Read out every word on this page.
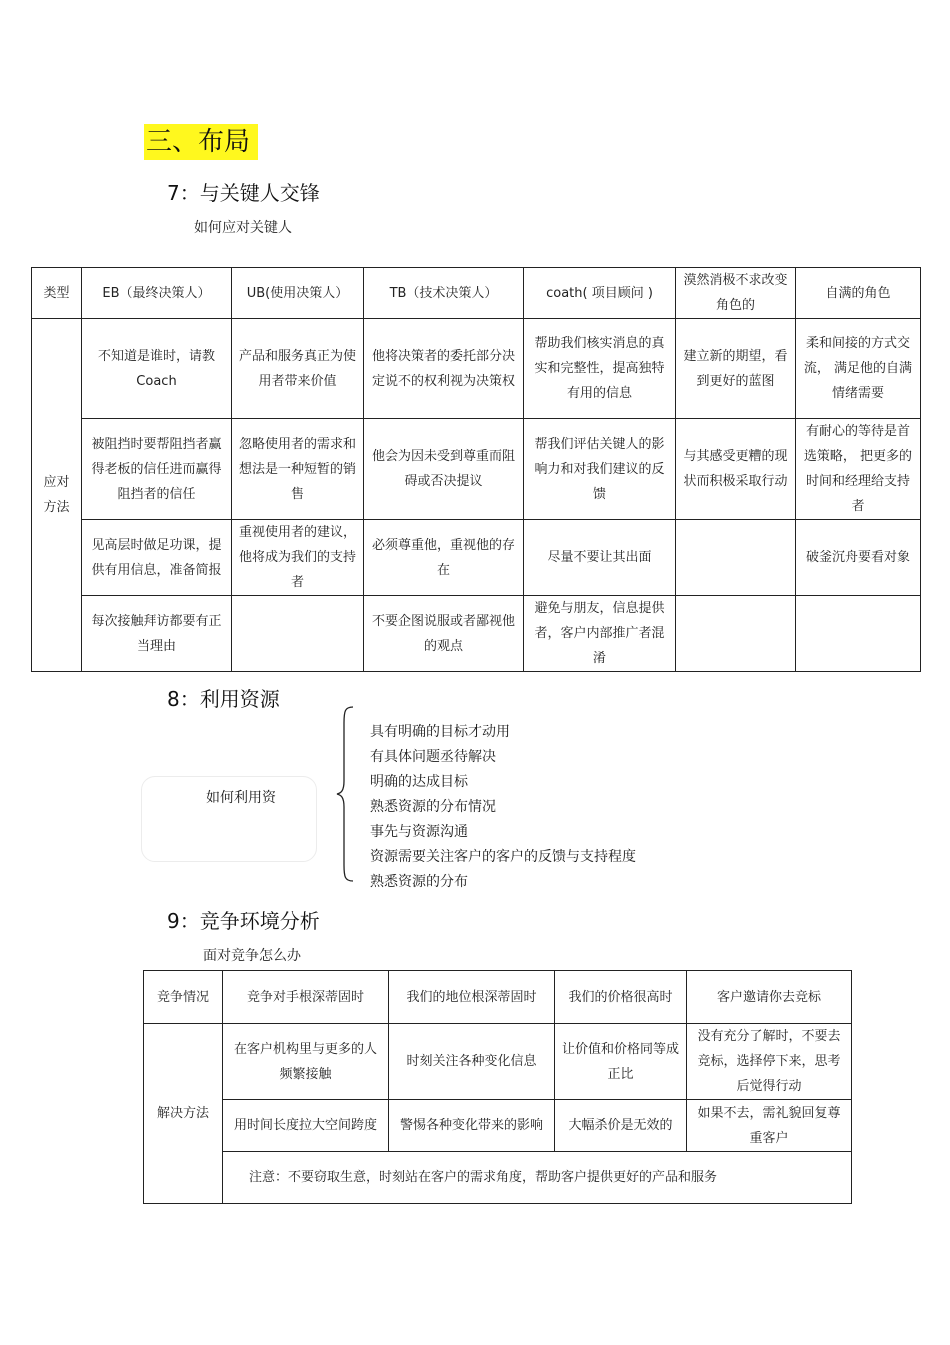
三、布局
7：与关键人交锋
如何应对关键人
类型	EB（最终决策人）	UB(使用决策人）	TB（技术决策人）	coath( 项目顾问 )	漠然消极不求改变角色的	自满的角色
应对方法	不知道是谁时，请教 Coach	产品和服务真正为使用者带来价值	他将决策者的委托部分决定说不的权利视为决策权	帮助我们核实消息的真实和完整性，提高独特有用的信息	建立新的期望，看到更好的蓝图	柔和间接的方式交流， 满足他的自满情绪需要
	被阻挡时要帮阻挡者赢得老板的信任进而赢得阻挡者的信任	忽略使用者的需求和想法是一种短暂的销售	他会为因未受到尊重而阻碍或否决提议	帮我们评估关键人的影响力和对我们建议的反馈	与其感受更糟的现状而积极采取行动	有耐心的等待是首选策略， 把更多的时间和经理给支持者
	见高层时做足功课，提供有用信息，准备简报	重视使用者的建议，他将成为我们的支持者	必须尊重他，重视他的存在	尽量不要让其出面		破釜沉舟要看对象
	每次接触拜访都要有正当理由		不要企图说服或者鄙视他的观点	避免与朋友，信息提供者，客户内部推广者混淆		
8：利用资源
如何利用资
具有明确的目标才动用
有具体问题丞待解决
明确的达成目标
熟悉资源的分布情况
事先与资源沟通
资源需要关注客户的客户的反馈与支持程度
熟悉资源的分布
9：竞争环境分析
面对竞争怎么办
竞争情况	竞争对手根深蒂固时	我们的地位根深蒂固时	我们的价格很高时	客户邀请你去竞标
解决方法	在客户机构里与更多的人频繁接触	时刻关注各种变化信息	让价值和价格同等成正比	没有充分了解时，不要去竞标，选择停下来，思考后觉得行动
	用时间长度拉大空间跨度	警惕各种变化带来的影响	大幅杀价是无效的	如果不去，需礼貌回复尊重客户
	注意：不要窃取生意，时刻站在客户的需求角度，帮助客户提供更好的产品和服务			
